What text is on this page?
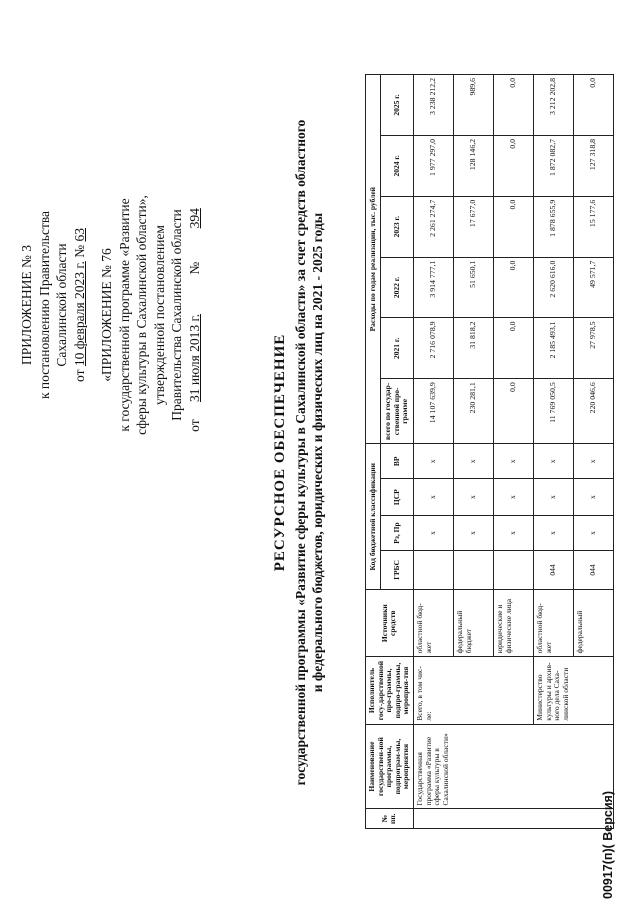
ПРИЛОЖЕНИЕ № 3 к постановлению Правительства Сахалинской области
от 10 февраля 2023 г. № 63
«ПРИЛОЖЕНИЕ № 76 к государственной программе «Развитие сферы культуры в Сахалинской области», утвержденной постановлением Правительства Сахалинской области
от 31 июля 2013 г. № 394
РЕСУРСНОЕ ОБЕСПЕЧЕНИЕ государственной программы «Развитие сферы культуры в Сахалинской области» за счет средств областного и федерального бюджетов, юридических и физических лиц на 2021 - 2025 годы
№ пп.	Наименование государствен-ной программы, подпрограм-мы, мероприятия	Исполнитель госу-дарственной про-граммы, подпро-граммы, мероприя-тия	Источники средств	Код бюджетной классификации				Расходы по годам реализации, тыс. рублей					
				ГРБС	Рз, Пр	ЦСР	ВР	всего по государ-ственной про-грамме	2021 г.	2022 г.	2023 г.	2024 г.	2025 г.
	Государственная программа «Развитие сферы культуры в Сахалинской области»	Всего, в том чис-ле:	областной бюд-жет		х	х	х	14 107 639,9	2 716 078,9	3 914 777,1	2 261 274,7	1 977 297,0	3 238 212,2
			федеральный бюджет		х	х	х	230 281,1	31 818,2	51 650,1	17 677,0	128 146,2	989,6
			юридические и физические лица		х	х	х	0,0	0,0	0,0	0,0	0,0	0,0
		Министерство культуры и архив-ного дела Саха-линской области	областной бюд-жет	044	х	х	х	11 769 050,5	2 185 493,1	2 620 616,0	1 878 655,9	1 872 082,7	3 212 202,8
			федеральный	044	х	х	х	220 046,6	27 978,5	49 571,7	15 177,6	127 318,8	0,0
00917(п)( Версия)
